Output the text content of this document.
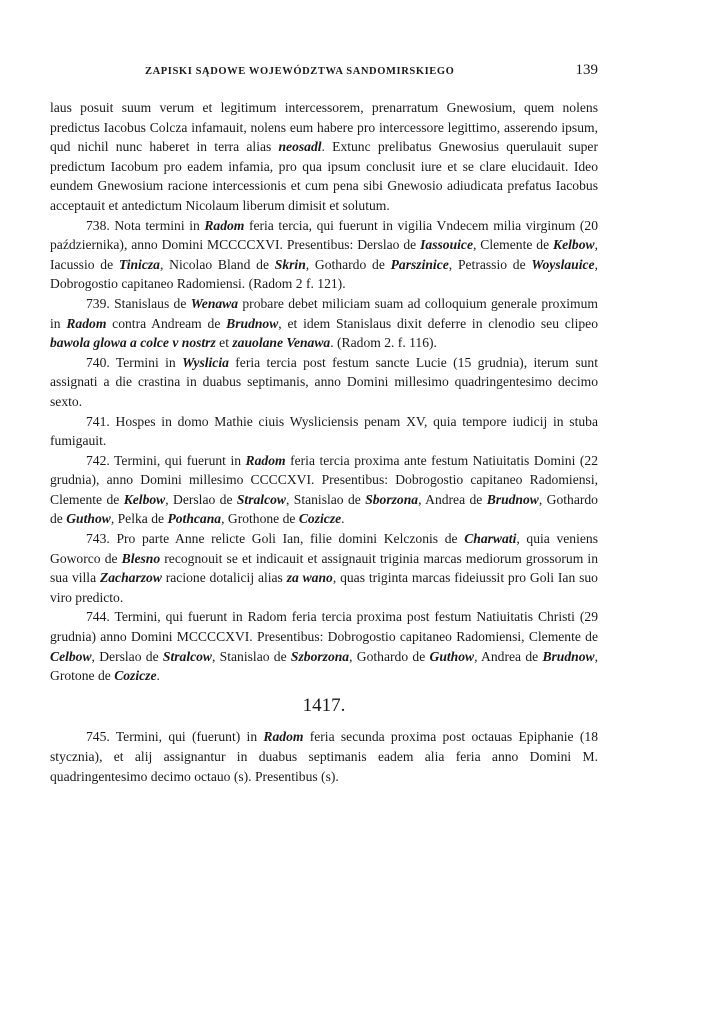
ZAPISKI SĄDOWE WOJEWÓDZTWA SANDOMIRSKIEGO	139

laus posuit suum verum et legitimum intercessorem, prenarratum Gnewosium, quem nolens predictus Iacobus Colcza infamauit, nolens eum habere pro intercessore legittimo, asserendo ipsum, qud nichil nunc haberet in terra alias neosadl. Extunc prelibatus Gnewosius querulauit super predictum Iacobum pro eadem infamia, pro qua ipsum conclusit iure et se clare elucidauit. Ideo eundem Gnewosium racione intercessionis et cum pena sibi Gnewosio adiudicata prefatus Iacobus acceptauit et antedictum Nicolaum liberum dimisit et solutum.

738. Nota termini in Radom feria tercia, qui fuerunt in vigilia Vndecem milia virginum (20 października), anno Domini MCCCCXVI. Presentibus: Derslao de Iassouice, Clemente de Kelbow, Iacussio de Tinicza, Nicolao Bland de Skrin, Gothardo de Parszinice, Petrassio de Woyslauice, Dobrogostio capitaneo Radomiensi. (Radom 2 f. 121).

739. Stanislaus de Wenawa probare debet miliciam suam ad colloquium generale proximum in Radom contra Andream de Brudnow, et idem Stanislaus dixit deferre in clenodio seu clipeo bawola glowa a colce v nostrz et zauolane Venawa. (Radom 2. f. 116).

740. Termini in Wyslicia feria tercia post festum sancte Lucie (15 grudnia), iterum sunt assignati a die crastina in duabus septimanis, anno Domini millesimo quadringentesimo decimo sexto.

741. Hospes in domo Mathie ciuis Wysliciensis penam XV, quia tempore iudicij in stuba fumigauit.

742. Termini, qui fuerunt in Radom feria tercia proxima ante festum Natiuitatis Domini (22 grudnia), anno Domini millesimo CCCCXVI. Presentibus: Dobrogostio capitaneo Radomiensi, Clemente de Kelbow, Derslao de Stralcow, Stanislao de Sborzona, Andrea de Brudnow, Gothardo de Guthow, Pelka de Pothcana, Grothone de Cozicze.

743. Pro parte Anne relicte Goli Ian, filie domini Kelczonis de Charwati, quia veniens Goworco de Blesno recognouit se et indicauit et assignauit triginia marcas mediorum grossorum in sua villa Zacharzow racione dotalicij alias za wano, quas triginta marcas fideiussit pro Goli Ian suo viro predicto.

744. Termini, qui fuerunt in Radom feria tercia proxima post festum Natiuitatis Christi (29 grudnia) anno Domini MCCCCXVI. Presentibus: Dobrogostio capitaneo Radomiensi, Clemente de Celbow, Derslao de Stralcow, Stanislao de Szborzona, Gothardo de Guthow, Andrea de Brudnow, Grotone de Cozicze.

1417.

745. Termini, qui (fuerunt) in Radom feria secunda proxima post octauas Epiphanie (18 stycznia), et alij assignantur in duabus septimanis eadem alia feria anno Domini M. quadringentesimo decimo octauo (s). Presentibus (s).
